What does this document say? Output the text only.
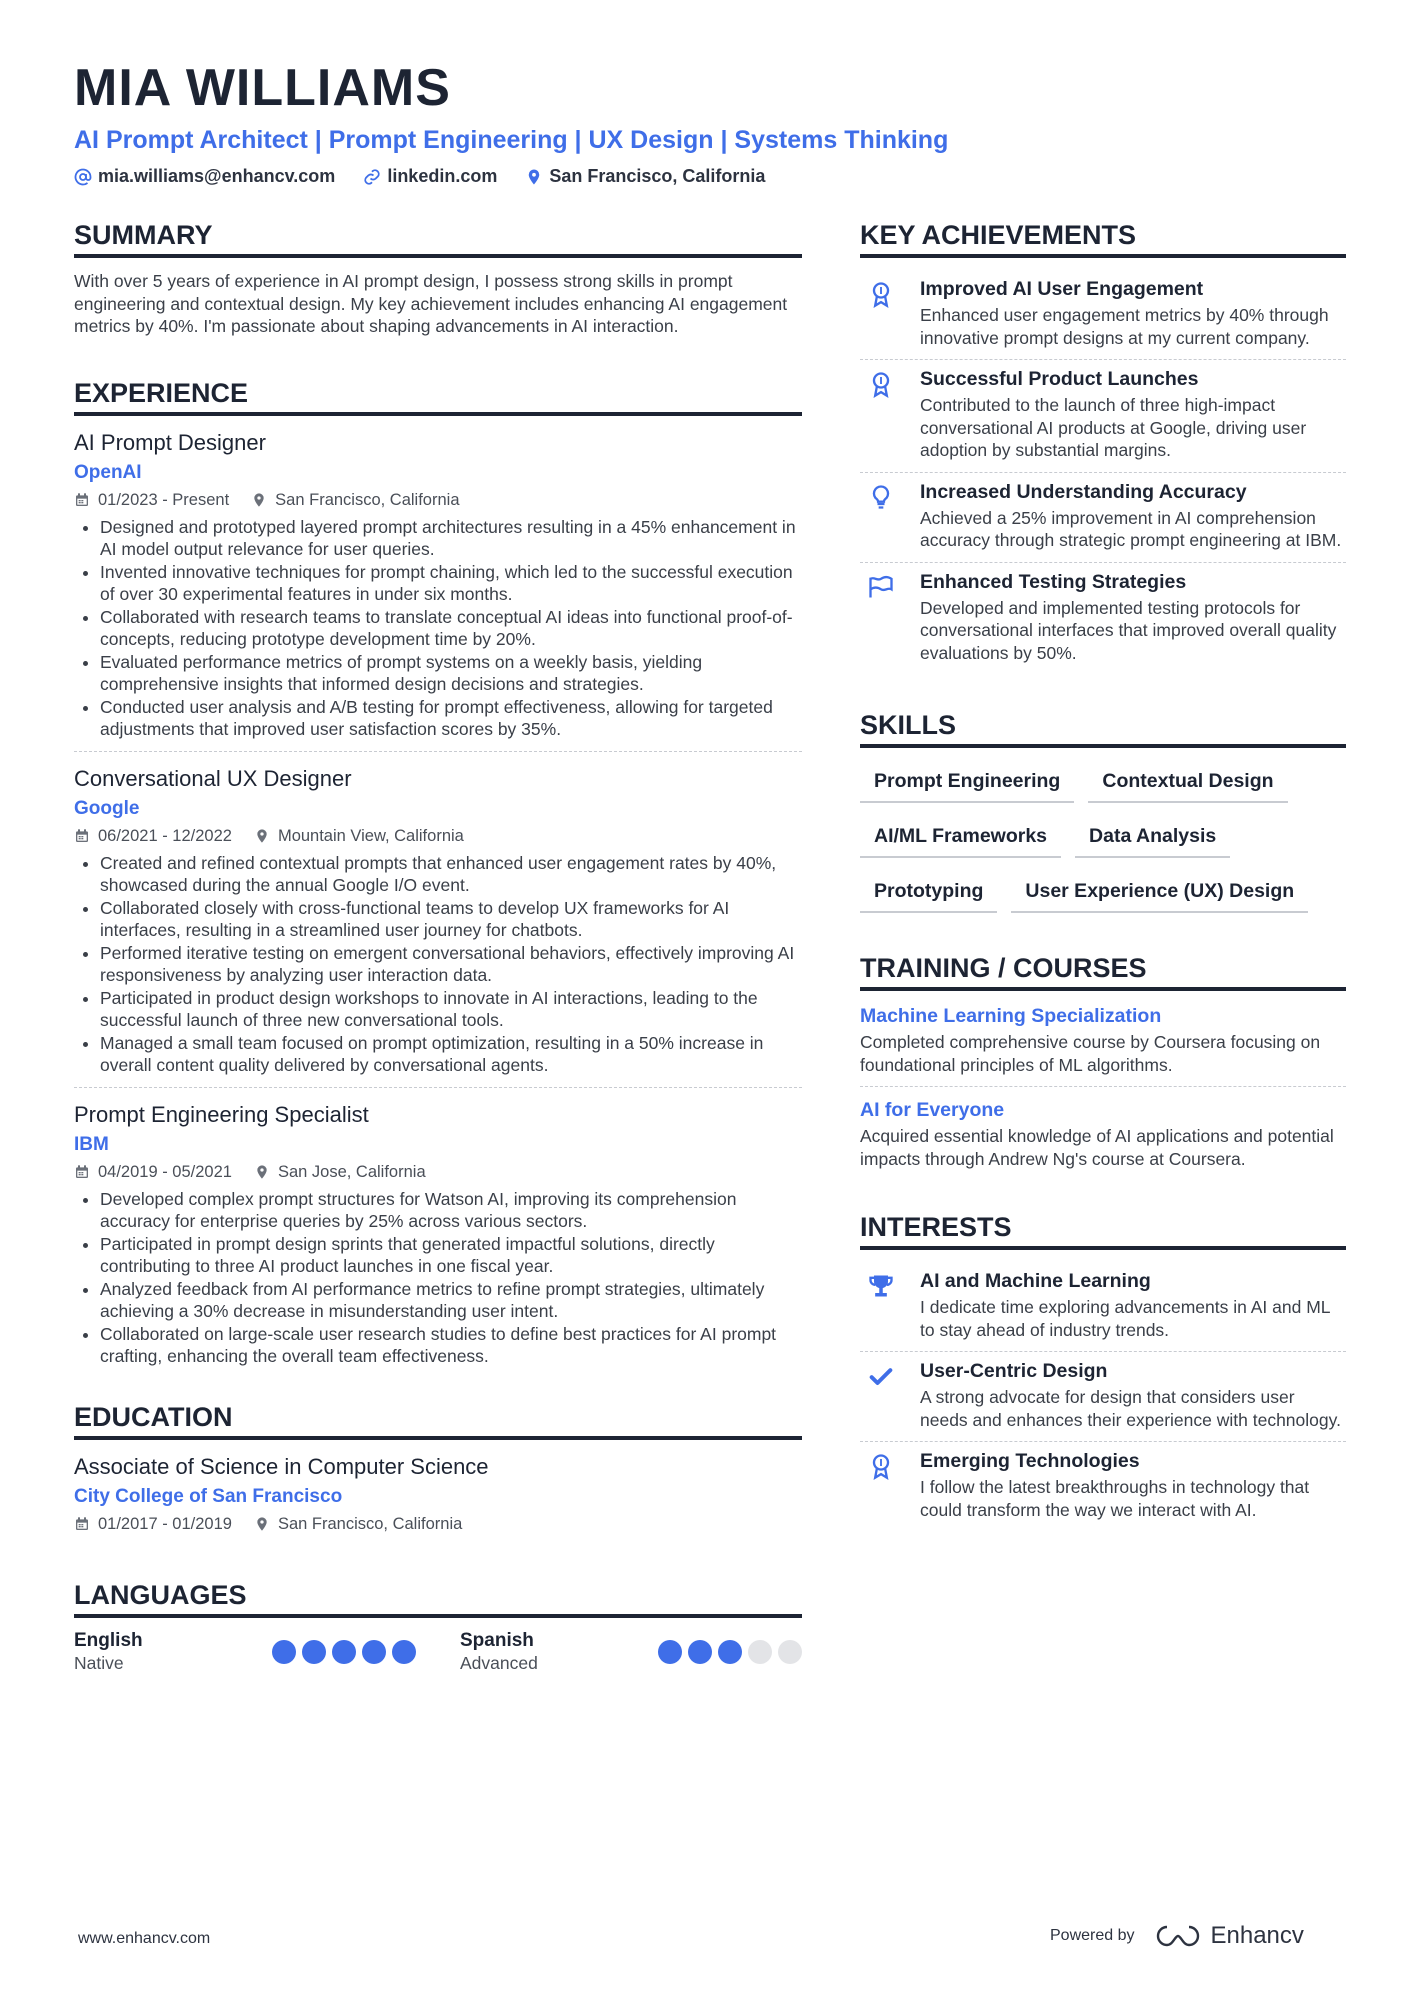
MIA WILLIAMS
AI Prompt Architect | Prompt Engineering | UX Design | Systems Thinking
mia.williams@enhancv.com	linkedin.com	San Francisco, California
SUMMARY
With over 5 years of experience in AI prompt design, I possess strong skills in prompt engineering and contextual design. My key achievement includes enhancing AI engagement metrics by 40%. I'm passionate about shaping advancements in AI interaction.
EXPERIENCE
AI Prompt Designer
OpenAI
01/2023 - Present	San Francisco, California
• Designed and prototyped layered prompt architectures resulting in a 45% enhancement in AI model output relevance for user queries.
• Invented innovative techniques for prompt chaining, which led to the successful execution of over 30 experimental features in under six months.
• Collaborated with research teams to translate conceptual AI ideas into functional proof-of-concepts, reducing prototype development time by 20%.
• Evaluated performance metrics of prompt systems on a weekly basis, yielding comprehensive insights that informed design decisions and strategies.
• Conducted user analysis and A/B testing for prompt effectiveness, allowing for targeted adjustments that improved user satisfaction scores by 35%.
Conversational UX Designer
Google
06/2021 - 12/2022	Mountain View, California
• Created and refined contextual prompts that enhanced user engagement rates by 40%, showcased during the annual Google I/O event.
• Collaborated closely with cross-functional teams to develop UX frameworks for AI interfaces, resulting in a streamlined user journey for chatbots.
• Performed iterative testing on emergent conversational behaviors, effectively improving AI responsiveness by analyzing user interaction data.
• Participated in product design workshops to innovate in AI interactions, leading to the successful launch of three new conversational tools.
• Managed a small team focused on prompt optimization, resulting in a 50% increase in overall content quality delivered by conversational agents.
Prompt Engineering Specialist
IBM
04/2019 - 05/2021	San Jose, California
• Developed complex prompt structures for Watson AI, improving its comprehension accuracy for enterprise queries by 25% across various sectors.
• Participated in prompt design sprints that generated impactful solutions, directly contributing to three AI product launches in one fiscal year.
• Analyzed feedback from AI performance metrics to refine prompt strategies, ultimately achieving a 30% decrease in misunderstanding user intent.
• Collaborated on large-scale user research studies to define best practices for AI prompt crafting, enhancing the overall team effectiveness.
EDUCATION
Associate of Science in Computer Science
City College of San Francisco
01/2017 - 01/2019	San Francisco, California
LANGUAGES
English
Native
Spanish
Advanced
KEY ACHIEVEMENTS
Improved AI User Engagement
Enhanced user engagement metrics by 40% through innovative prompt designs at my current company.
Successful Product Launches
Contributed to the launch of three high-impact conversational AI products at Google, driving user adoption by substantial margins.
Increased Understanding Accuracy
Achieved a 25% improvement in AI comprehension accuracy through strategic prompt engineering at IBM.
Enhanced Testing Strategies
Developed and implemented testing protocols for conversational interfaces that improved overall quality evaluations by 50%.
SKILLS
Prompt Engineering	Contextual Design
AI/ML Frameworks	Data Analysis
Prototyping	User Experience (UX) Design
TRAINING / COURSES
Machine Learning Specialization
Completed comprehensive course by Coursera focusing on foundational principles of ML algorithms.
AI for Everyone
Acquired essential knowledge of AI applications and potential impacts through Andrew Ng's course at Coursera.
INTERESTS
AI and Machine Learning
I dedicate time exploring advancements in AI and ML to stay ahead of industry trends.
User-Centric Design
A strong advocate for design that considers user needs and enhances their experience with technology.
Emerging Technologies
I follow the latest breakthroughs in technology that could transform the way we interact with AI.
www.enhancv.com	Powered by	Enhancv
